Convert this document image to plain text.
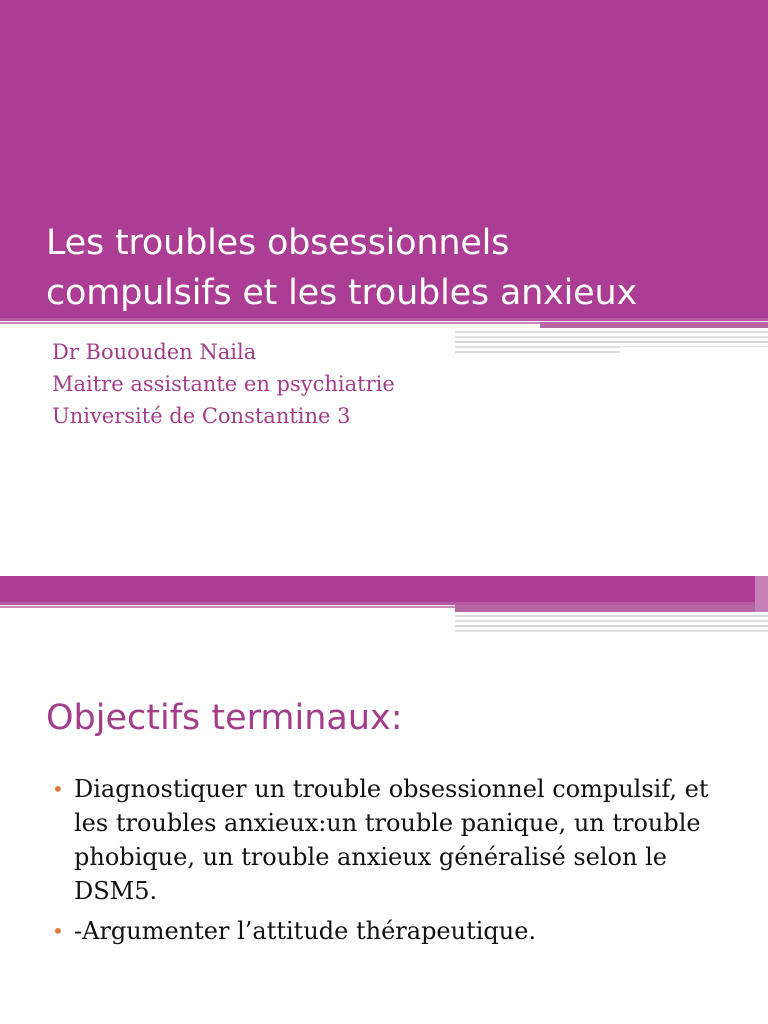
Les troubles obsessionnels
compulsifs et les troubles anxieux
Dr Bououden Naila
Maitre assistante en psychiatrie
Université de Constantine 3
Objectifs terminaux:
• Diagnostiquer un trouble obsessionnel compulsif, et les troubles anxieux:un trouble panique, un trouble phobique, un trouble anxieux généralisé selon le DSM5.
• -Argumenter l’attitude thérapeutique.
